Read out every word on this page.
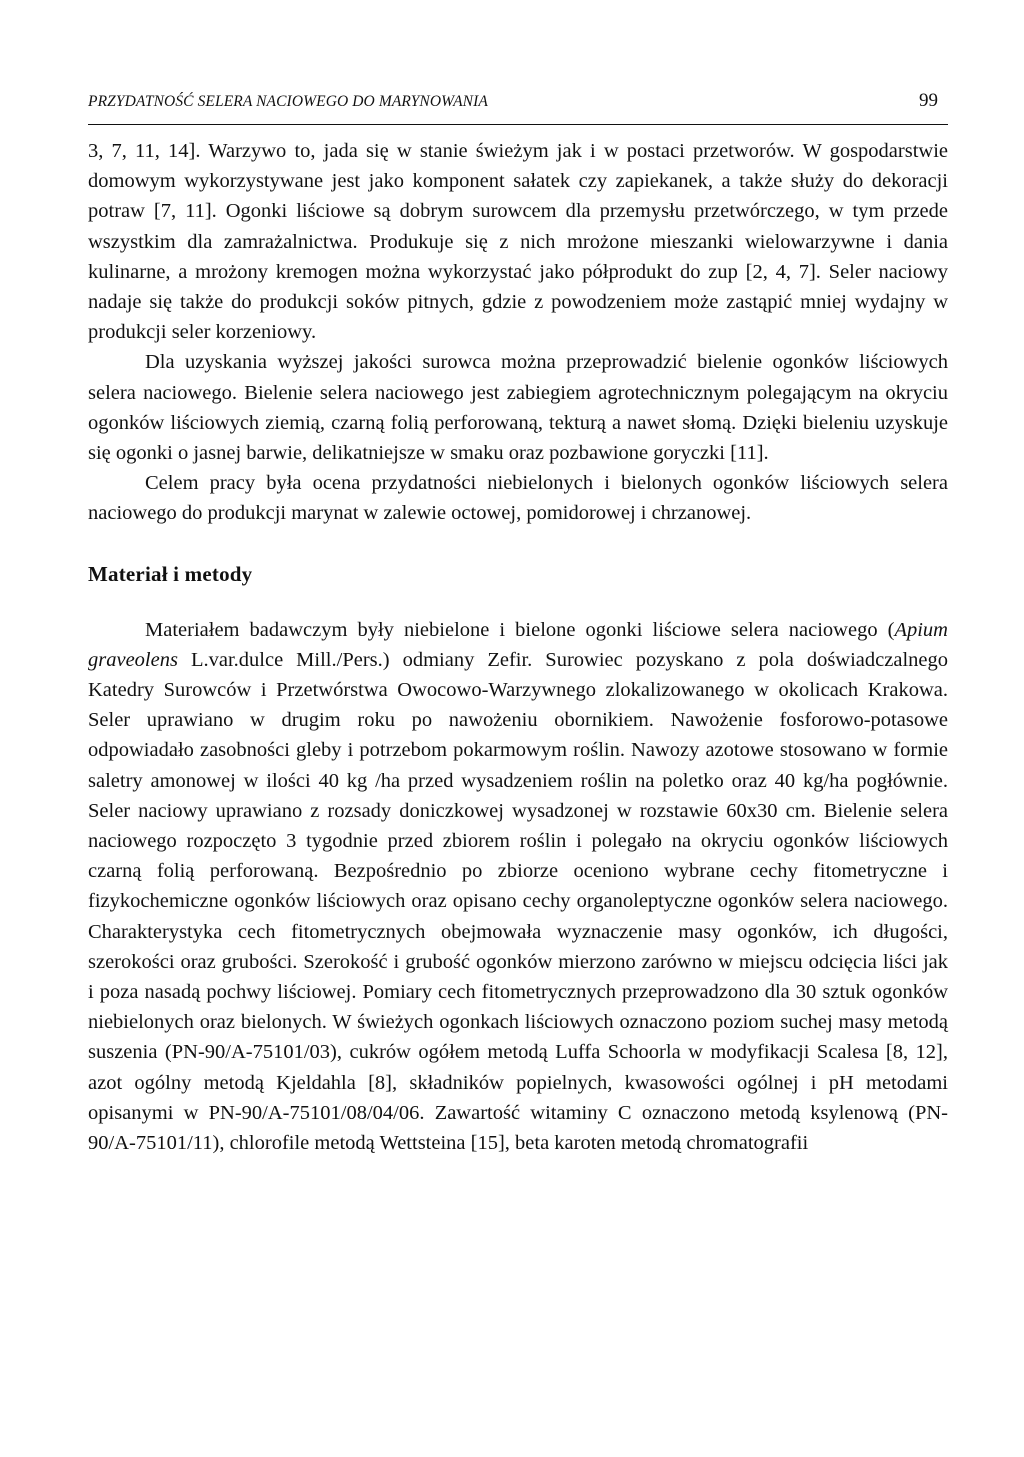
PRZYDATNOŚĆ SELERA NACIOWEGO DO MARYNOWANIA	99

3, 7, 11, 14]. Warzywo to, jada się w stanie świeżym jak i w postaci przetworów. W gospodarstwie domowym wykorzystywane jest jako komponent sałatek czy zapiekanek, a także służy do dekoracji potraw [7, 11]. Ogonki liściowe są dobrym surowcem dla przemysłu przetwórczego, w tym przede wszystkim dla zamrażalnictwa. Produkuje się z nich mrożone mieszanki wielowarzywne i dania kulinarne, a mrożony kremogen można wykorzystać jako półprodukt do zup [2, 4, 7]. Seler naciowy nadaje się także do produkcji soków pitnych, gdzie z powodzeniem może zastąpić mniej wydajny w produkcji seler korzeniowy.

Dla uzyskania wyższej jakości surowca można przeprowadzić bielenie ogonków liściowych selera naciowego. Bielenie selera naciowego jest zabiegiem agrotechnicznym polegającym na okryciu ogonków liściowych ziemią, czarną folią perforowaną, tekturą a nawet słomą. Dzięki bieleniu uzyskuje się ogonki o jasnej barwie, delikatniejsze w smaku oraz pozbawione goryczki [11].

Celem pracy była ocena przydatności niebielonych i bielonych ogonków liściowych selera naciowego do produkcji marynat w zalewie octowej, pomidorowej i chrzanowej.

Materiał i metody

Materiałem badawczym były niebielone i bielone ogonki liściowe selera naciowego (Apium graveolens L.var.dulce Mill./Pers.) odmiany Zefir. Surowiec pozyskano z pola doświadczalnego Katedry Surowców i Przetwórstwa Owocowo-Warzywnego zlokalizowanego w okolicach Krakowa. Seler uprawiano w drugim roku po nawożeniu obornikiem. Nawożenie fosforowo-potasowe odpowiadało zasobności gleby i potrzebom pokarmowym roślin. Nawozy azotowe stosowano w formie saletry amonowej w ilości 40 kg /ha przed wysadzeniem roślin na poletko oraz 40 kg/ha pogłównie. Seler naciowy uprawiano z rozsady doniczkowej wysadzonej w rozstawie 60x30 cm. Bielenie selera naciowego rozpoczęto 3 tygodnie przed zbiorem roślin i polegało na okryciu ogonków liściowych czarną folią perforowaną. Bezpośrednio po zbiorze oceniono wybrane cechy fitometryczne i fizykochemiczne ogonków liściowych oraz opisano cechy organoleptyczne ogonków selera naciowego. Charakterystyka cech fitometrycznych obejmowała wyznaczenie masy ogonków, ich długości, szerokości oraz grubości. Szerokość i grubość ogonków mierzono zarówno w miejscu odcięcia liści jak i poza nasadą pochwy liściowej. Pomiary cech fitometrycznych przeprowadzono dla 30 sztuk ogonków niebielonych oraz bielonych. W świeżych ogonkach liściowych oznaczono poziom suchej masy metodą suszenia (PN-90/A-75101/03), cukrów ogółem metodą Luffa Schoorla w modyfikacji Scalesa [8, 12], azot ogólny metodą Kjeldahla [8], składników popielnych, kwasowości ogólnej i pH metodami opisanymi w PN-90/A-75101/08/04/06. Zawartość witaminy C oznaczono metodą ksylenową (PN-90/A-75101/11), chlorofile metodą Wettsteina [15], beta karoten metodą chromatografii
